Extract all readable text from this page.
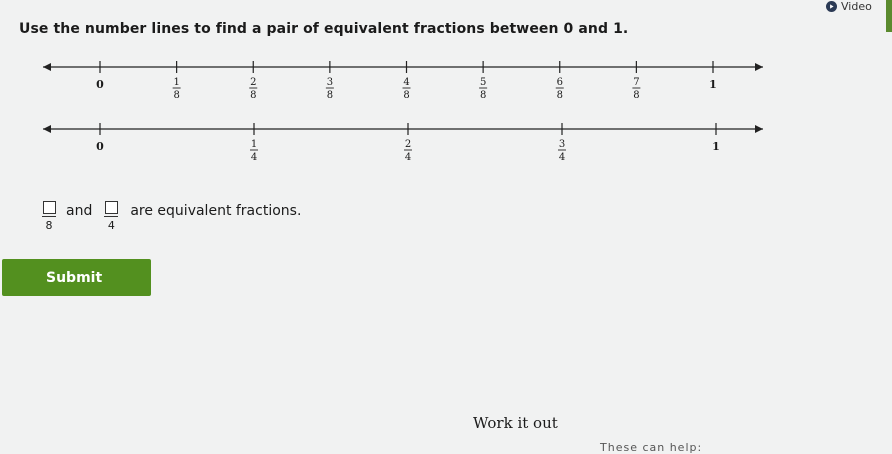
Video
Use the number lines to find a pair of equivalent fractions between 0 and 1.
0	1
8
2
8
3
8
4
8
5
8
6
8
7
8
1
0	1
4
2
4
3
4
1
8
and
4
are equivalent fractions.
Submit
Work it out
These can help:
